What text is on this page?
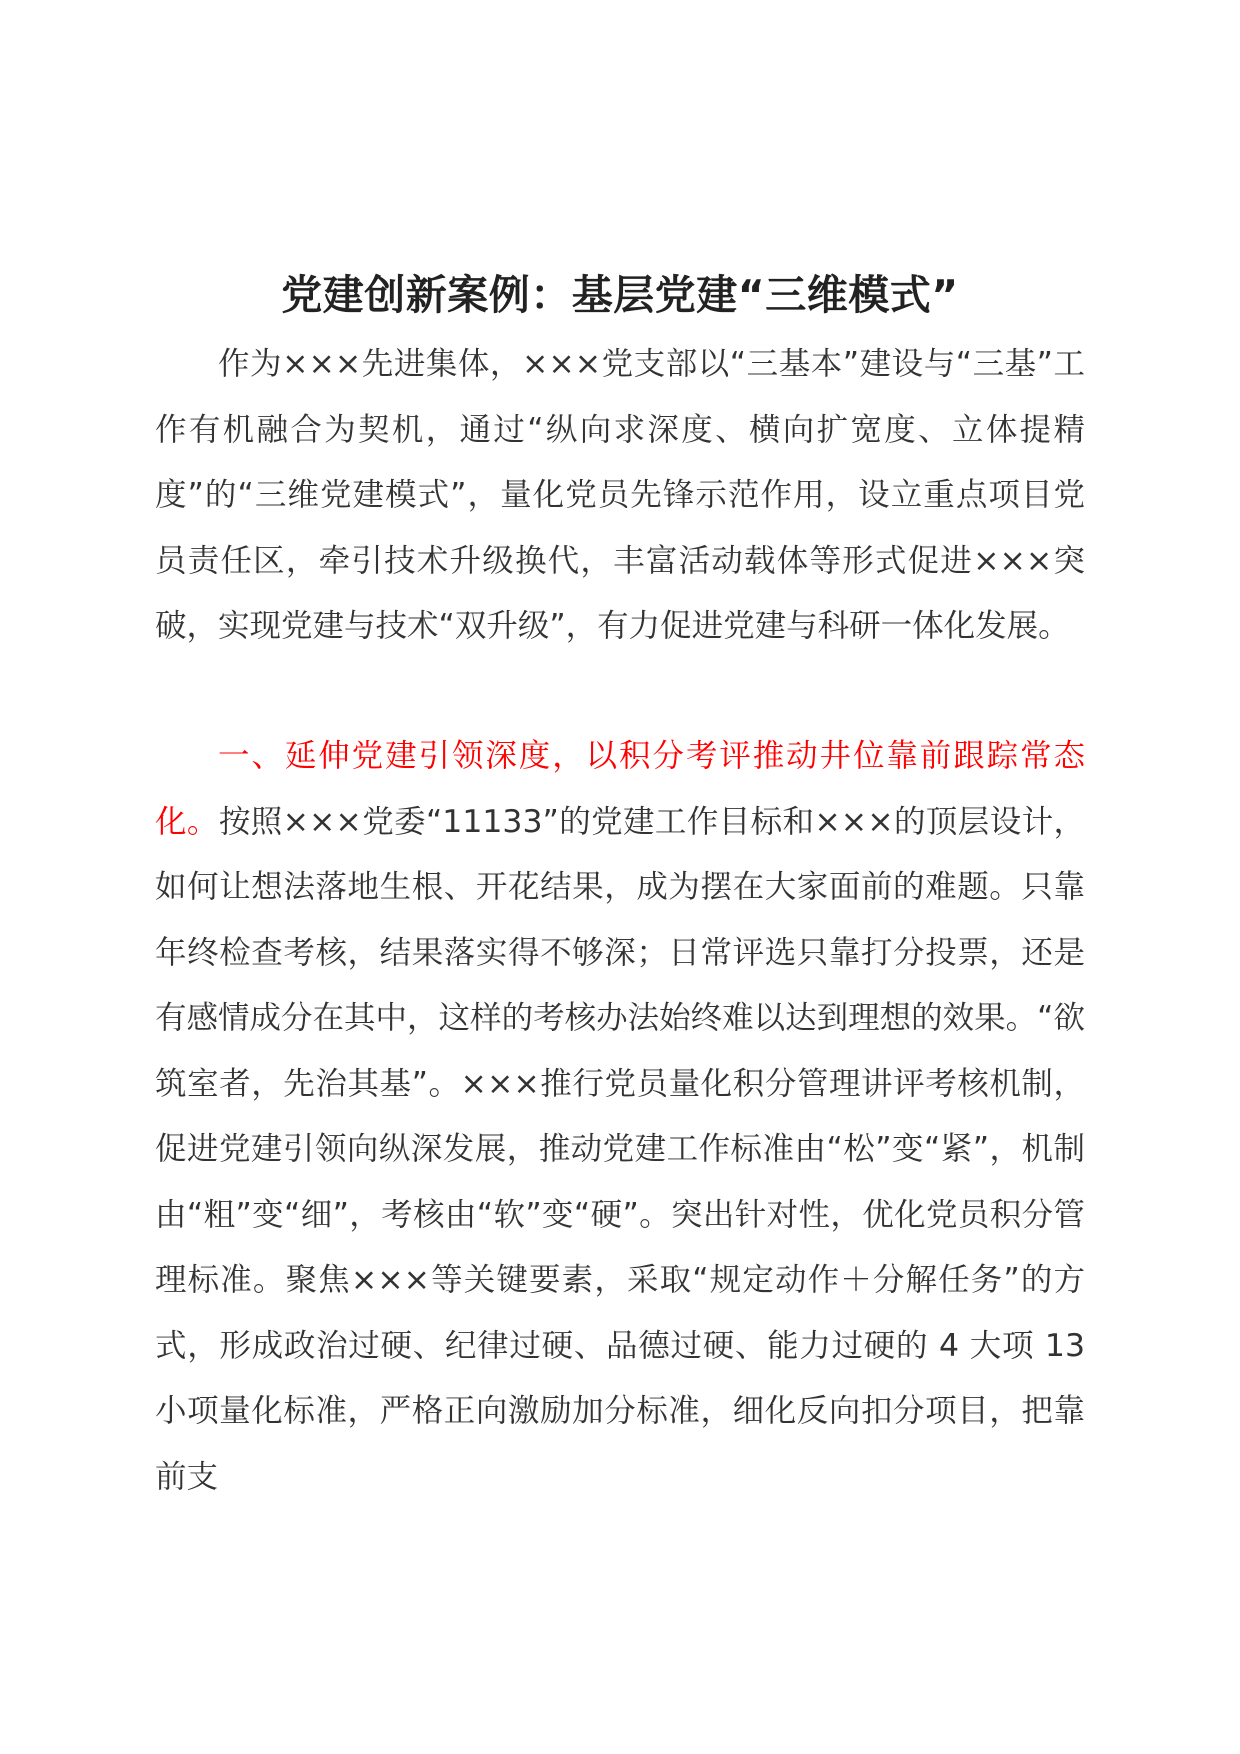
党建创新案例：基层党建“三维模式”

作为×××先进集体，×××党支部以“三基本”建设与“三基”工作有机融合为契机，通过“纵向求深度、横向扩宽度、立体提精度”的“三维党建模式”，量化党员先锋示范作用，设立重点项目党员责任区，牵引技术升级换代，丰富活动载体等形式促进×××突破，实现党建与技术“双升级”，有力促进党建与科研一体化发展。

一、延伸党建引领深度，以积分考评推动井位靠前跟踪常态化。按照×××党委“11133”的党建工作目标和×××的顶层设计，如何让想法落地生根、开花结果，成为摆在大家面前的难题。只靠年终检查考核，结果落实得不够深；日常评选只靠打分投票，还是有感情成分在其中，这样的考核办法始终难以达到理想的效果。“欲筑室者，先治其基”。×××推行党员量化积分管理讲评考核机制，促进党建引领向纵深发展，推动党建工作标准由“松”变“紧”，机制由“粗”变“细”，考核由“软”变“硬”。突出针对性，优化党员积分管理标准。聚焦×××等关键要素，采取“规定动作＋分解任务”的方式，形成政治过硬、纪律过硬、品德过硬、能力过硬的 4 大项 13 小项量化标准，严格正向激励加分标准，细化反向扣分项目，把靠前支
